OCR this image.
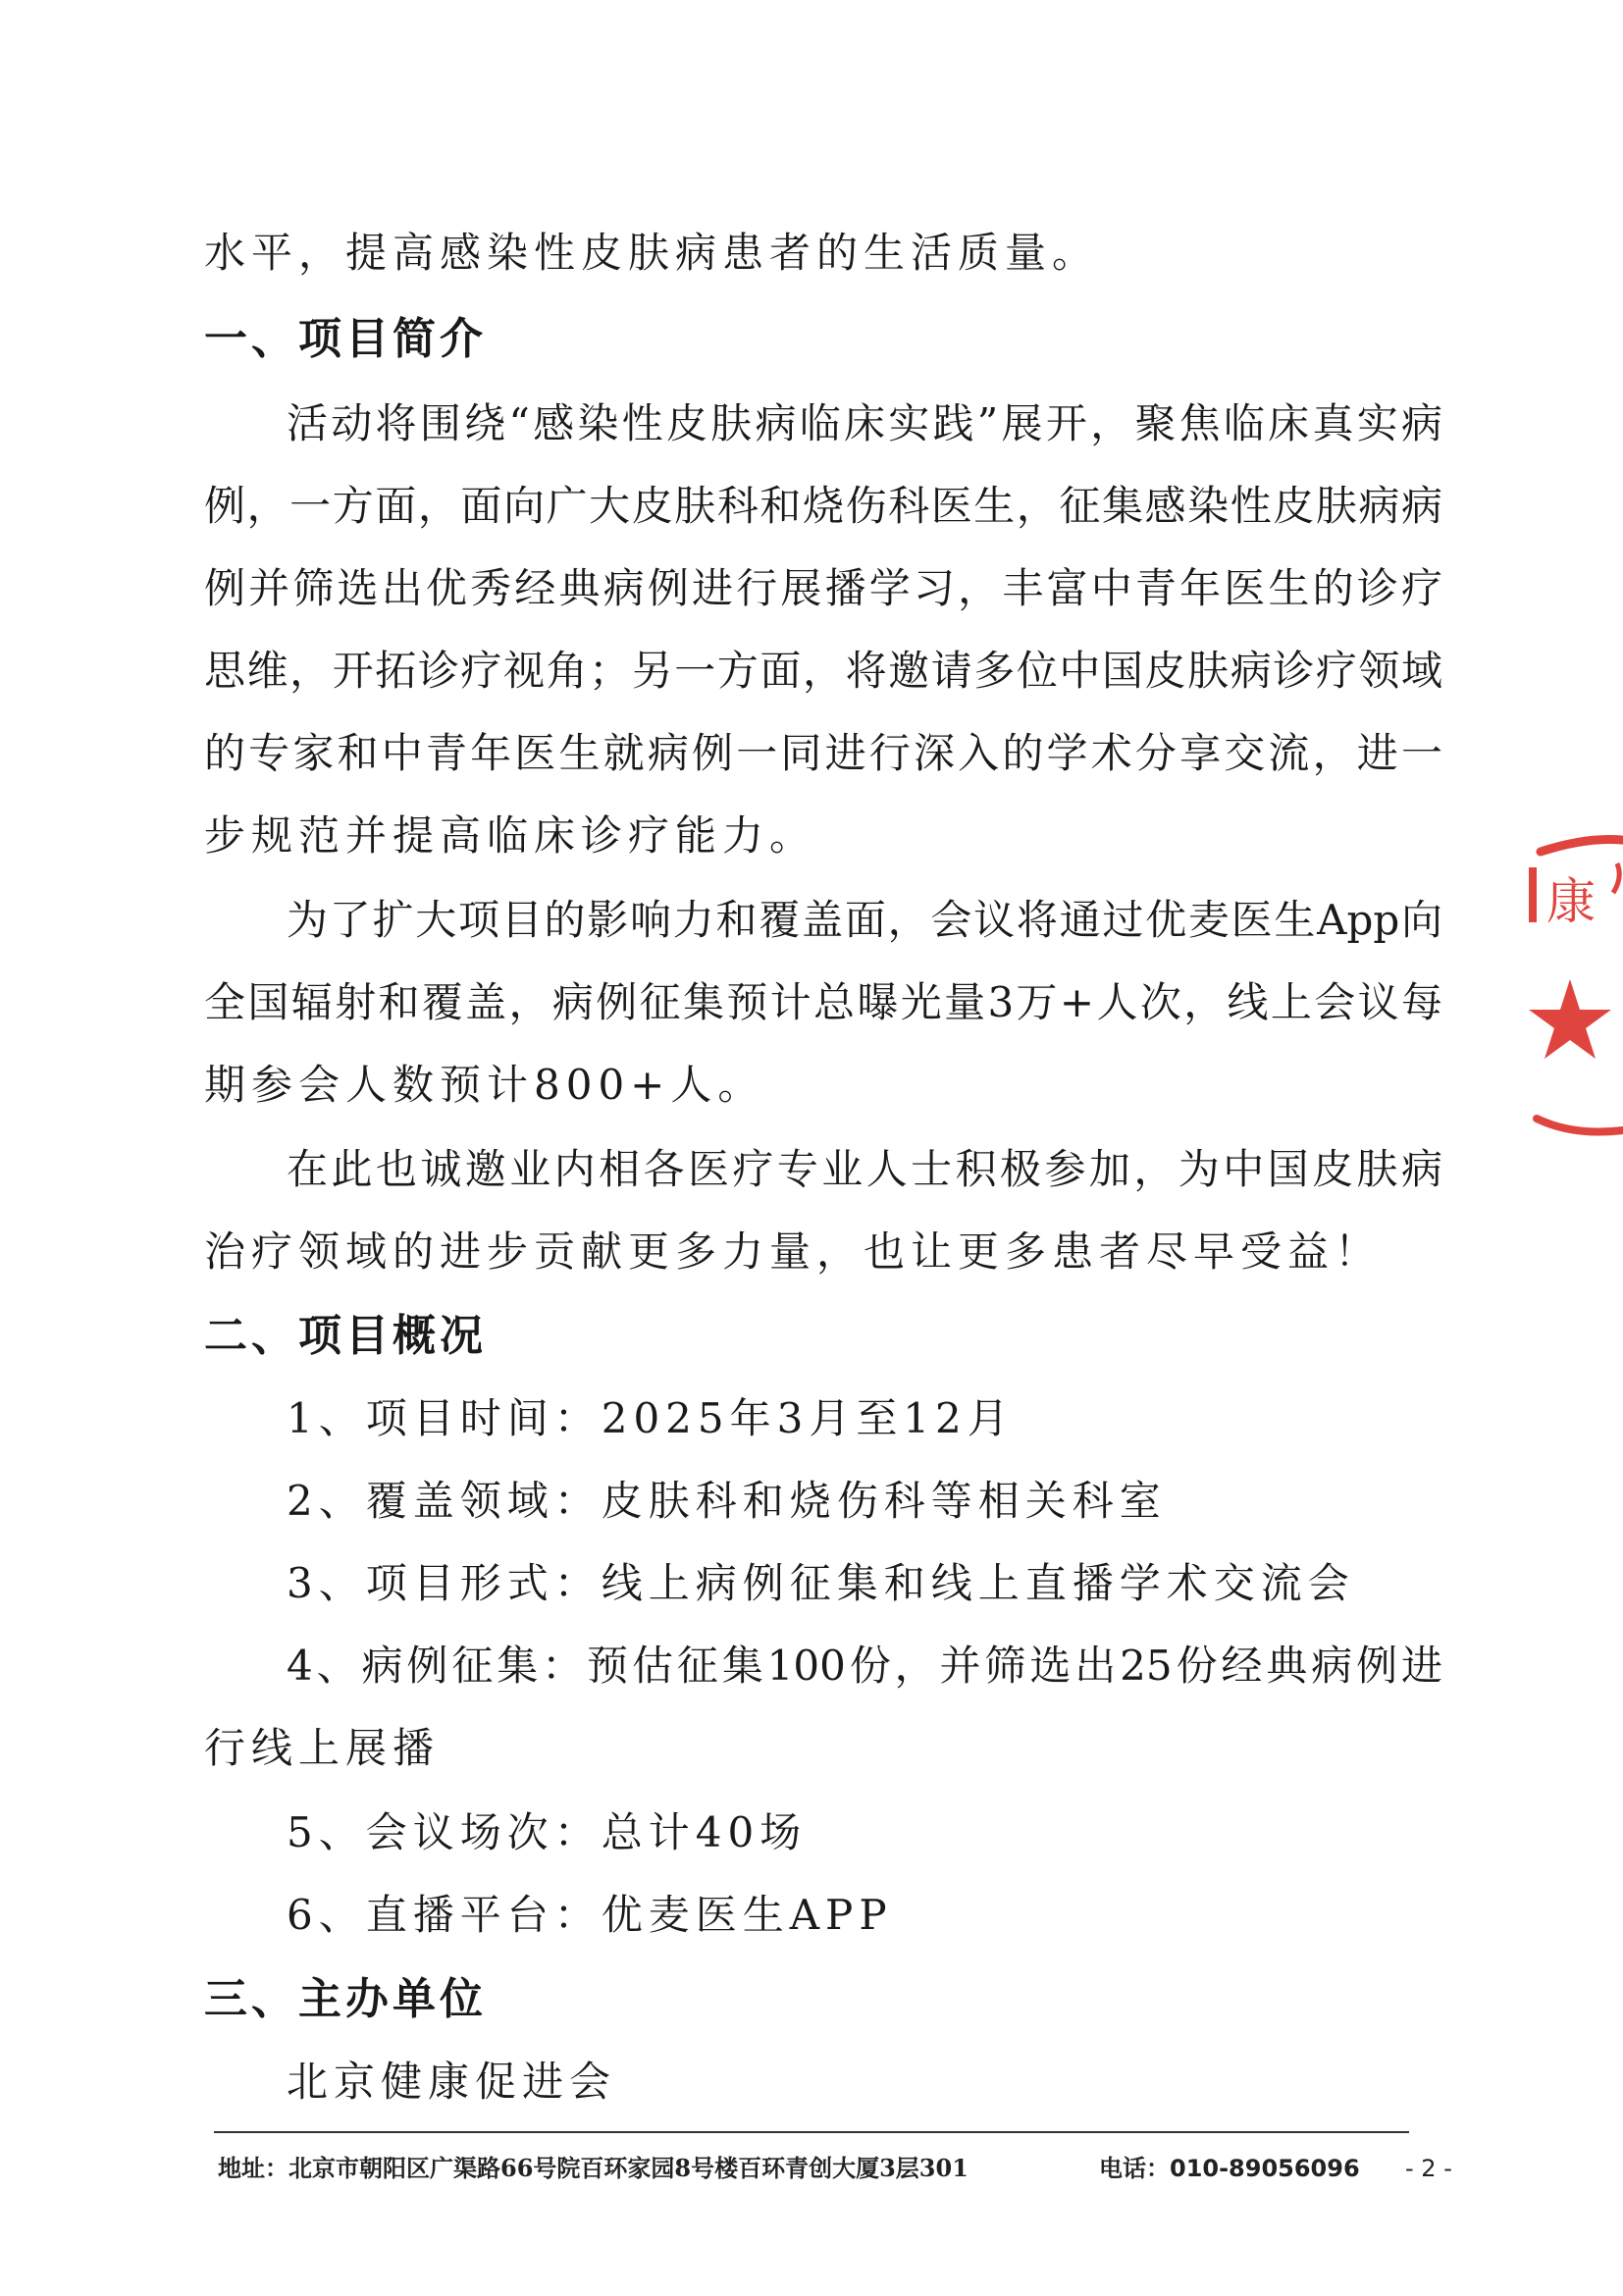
水平，提高感染性皮肤病患者的生活质量。
一、项目简介
活动将围绕“感染性皮肤病临床实践”展开，聚焦临床真实病
例，一方面，面向广大皮肤科和烧伤科医生，征集感染性皮肤病病
例并筛选出优秀经典病例进行展播学习，丰富中青年医生的诊疗
思维，开拓诊疗视角；另一方面，将邀请多位中国皮肤病诊疗领域
的专家和中青年医生就病例一同进行深入的学术分享交流，进一
步规范并提高临床诊疗能力。
为了扩大项目的影响力和覆盖面，会议将通过优麦医生App向
全国辐射和覆盖，病例征集预计总曝光量3万+人次，线上会议每
期参会人数预计800+人。
在此也诚邀业内相各医疗专业人士积极参加，为中国皮肤病
治疗领域的进步贡献更多力量，也让更多患者尽早受益！
二、项目概况
1、项目时间：2025年3月至12月
2、覆盖领域：皮肤科和烧伤科等相关科室
3、项目形式：线上病例征集和线上直播学术交流会
4、病例征集：预估征集100份，并筛选出25份经典病例进
行线上展播
5、会议场次：总计40场
6、直播平台：优麦医生APP
三、主办单位
北京健康促进会
地址：北京市朝阳区广渠路66号院百环家园8号楼百环青创大厦3层301	电话：010-89056096 - 2 -
康
